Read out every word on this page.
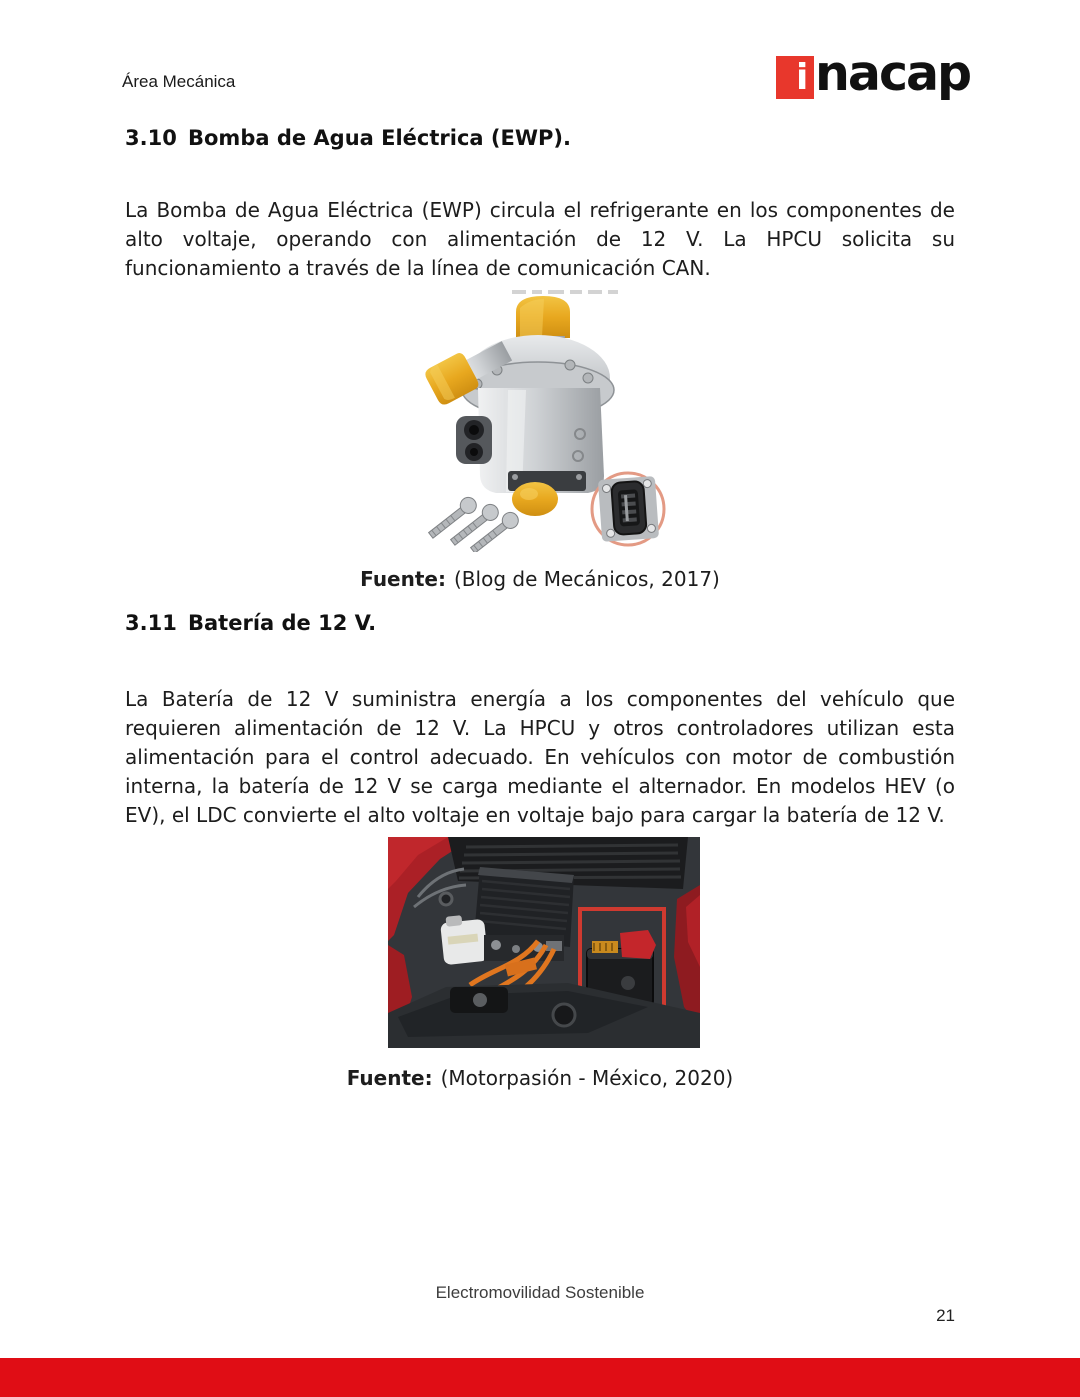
Área Mecánica	i nacap
3.10 Bomba de Agua Eléctrica (EWP).
La Bomba de Agua Eléctrica (EWP) circula el refrigerante en los componentes de alto voltaje, operando con alimentación de 12 V. La HPCU solicita su funcionamiento a través de la línea de comunicación CAN.
Fuente: (Blog de Mecánicos, 2017)
3.11 Batería de 12 V.
La Batería de 12 V suministra energía a los componentes del vehículo que requieren alimentación de 12 V. La HPCU y otros controladores utilizan esta alimentación para el control adecuado. En vehículos con motor de combustión interna, la batería de 12 V se carga mediante el alternador. En modelos HEV (o EV), el LDC convierte el alto voltaje en voltaje bajo para cargar la batería de 12 V.
Fuente: (Motorpasión - México, 2020)
Electromovilidad Sostenible
21
